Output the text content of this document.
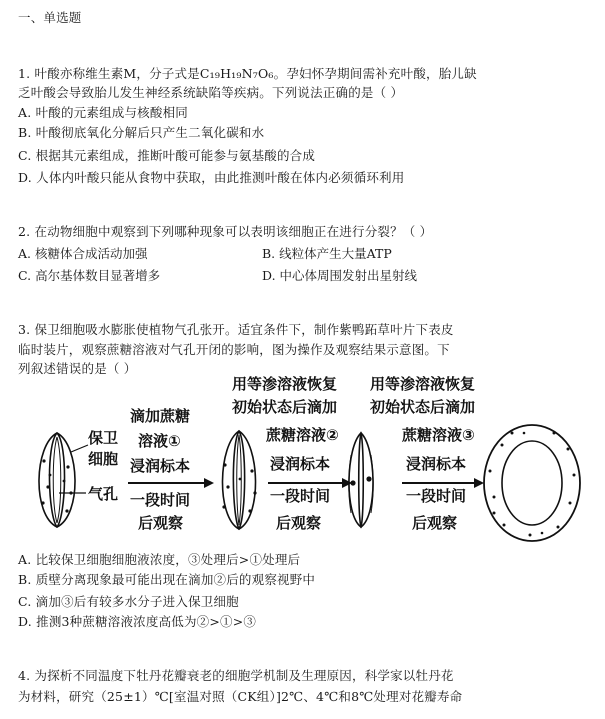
一、单选题
1. 叶酸亦称维生素M，分子式是C₁₉H₁₉N₇O₆。孕妇怀孕期间需补充叶酸，胎儿缺
乏叶酸会导致胎儿发生神经系统缺陷等疾病。下列说法正确的是（ ）
A. 叶酸的元素组成与核酸相同
B. 叶酸彻底氧化分解后只产生二氧化碳和水
C. 根据其元素组成，推断叶酸可能参与氨基酸的合成
D. 人体内叶酸只能从食物中获取，由此推测叶酸在体内必须循环利用
2. 在动物细胞中观察到下列哪种现象可以表明该细胞正在进行分裂？（ ）
A. 核糖体合成活动加强	B. 线粒体产生大量ATP
C. 高尔基体数目显著增多	D. 中心体周围发射出星射线
3. 保卫细胞吸水膨胀使植物气孔张开。适宜条件下，制作紫鸭跖草叶片下表皮
临时装片，观察蔗糖溶液对气孔开闭的影响，图为操作及观察结果示意图。下
列叙述错误的是（ ）
保卫
细胞
气孔
滴加蔗糖
溶液①
浸润标本
一段时间
后观察
用等渗溶液恢复
初始状态后滴加
蔗糖溶液②
浸润标本
一段时间
后观察
用等渗溶液恢复
初始状态后滴加
蔗糖溶液③
浸润标本
一段时间
后观察
A. 比较保卫细胞细胞液浓度，③处理后>①处理后
B. 质壁分离现象最可能出现在滴加②后的观察视野中
C. 滴加③后有较多水分子进入保卫细胞
D. 推测3种蔗糖溶液浓度高低为②>①>③
4. 为探析不同温度下牡丹花瓣衰老的细胞学机制及生理原因，科学家以牡丹花
为材料，研究（25±1）℃[室温对照（CK组）]2℃、4℃和8℃处理对花瓣寿命
